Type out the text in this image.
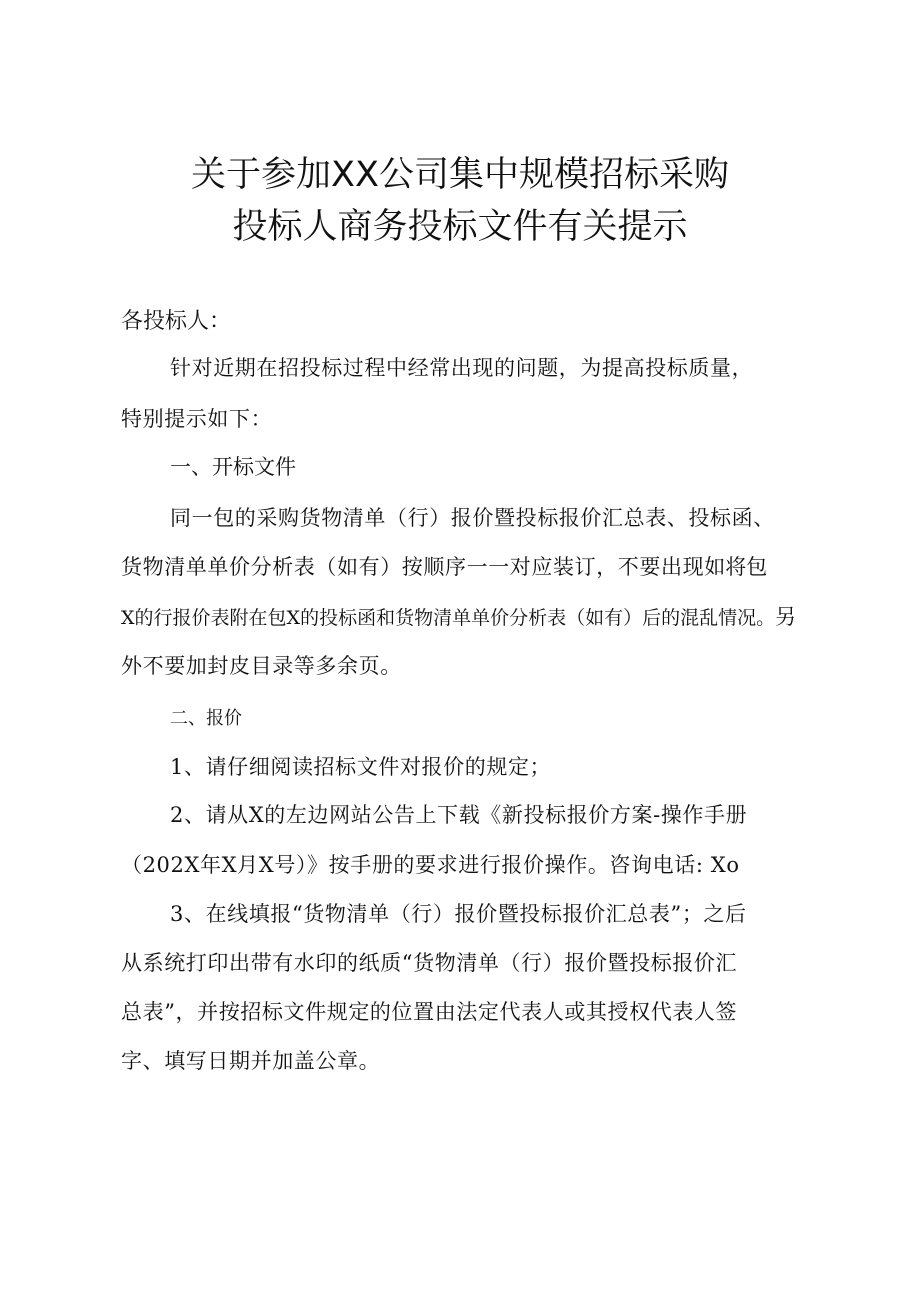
关于参加XX公司集中规模招标采购
投标人商务投标文件有关提示

各投标人：

针对近期在招投标过程中经常出现的问题，为提高投标质量，

特别提示如下：

一、开标文件

同一包的采购货物清单（行）报价暨投标报价汇总表、投标函、

货物清单单价分析表（如有）按顺序一一对应装订，不要出现如将包

X的行报价表附在包X的投标函和货物清单单价分析表（如有）后的混乱情况。另

外不要加封皮目录等多余页。

二、报价

1、请仔细阅读招标文件对报价的规定；

2、请从X的左边网站公告上下载《新投标报价方案-操作手册

（202X年X月X号）》按手册的要求进行报价操作。咨询电话: Xo

3、在线填报“货物清单（行）报价暨投标报价汇总表”；之后

从系统打印出带有水印的纸质“货物清单（行）报价暨投标报价汇

总表”，并按招标文件规定的位置由法定代表人或其授权代表人签

字、填写日期并加盖公章。
